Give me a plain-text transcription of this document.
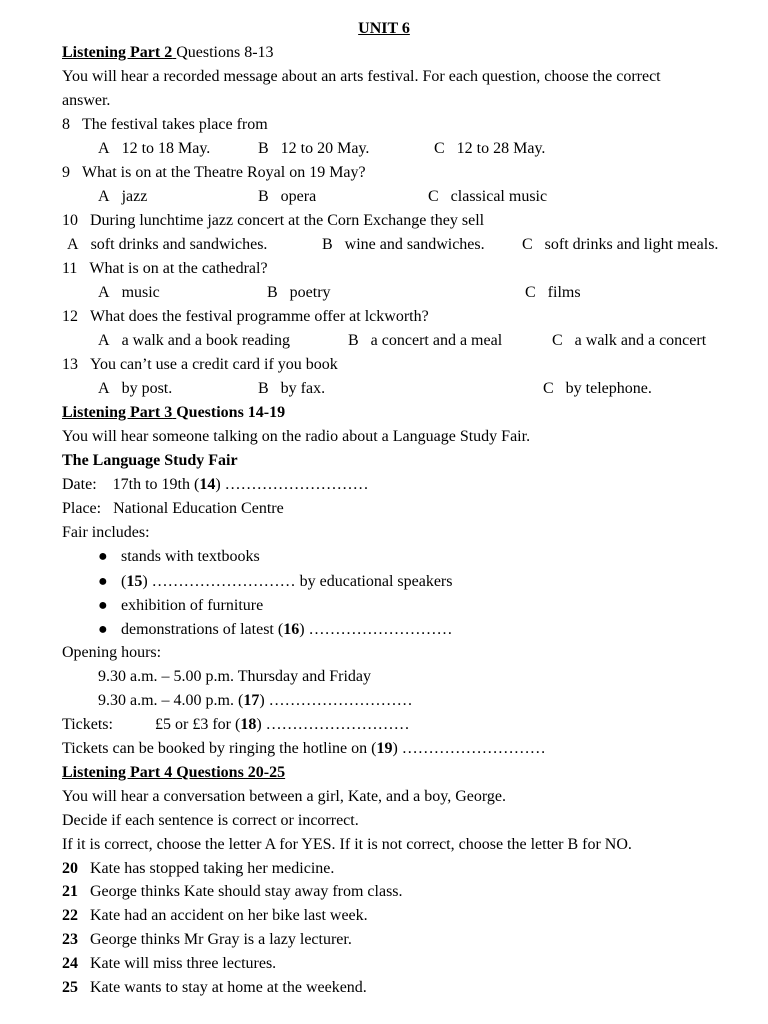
UNIT 6
Listening Part 2 Questions 8-13
You will hear a recorded message about an arts festival. For each question, choose the correct
answer.
8 The festival takes place from
A 12 to 18 May.	B 12 to 20 May.	C 12 to 28 May.
9 What is on at the Theatre Royal on 19 May?
A jazz	B opera	C classical music
10 During lunchtime jazz concert at the Corn Exchange they sell
A soft drinks and sandwiches.	B wine and sandwiches. C soft drinks and light meals.
11 What is on at the cathedral?
A music	B poetry	C films
12 What does the festival programme offer at lckworth?
A a walk and a book reading	B a concert and a meal	C a walk and a concert
13 You can’t use a credit card if you book
A by post.	B by fax.	C by telephone.
Listening Part 3 Questions 14-19
You will hear someone talking on the radio about a Language Study Fair.
The Language Study Fair
Date: 17th to 19th (14) ………………………
Place: National Education Centre
Fair includes:
● stands with textbooks
● (15) ……………………… by educational speakers
● exhibition of furniture
● demonstrations of latest (16) ………………………
Opening hours:
9.30 a.m. – 5.00 p.m. Thursday and Friday
9.30 a.m. – 4.00 p.m. (17) ………………………
Tickets:	£5 or £3 for (18) ………………………
Tickets can be booked by ringing the hotline on (19) ………………………
Listening Part 4 Questions 20-25
You will hear a conversation between a girl, Kate, and a boy, George.
Decide if each sentence is correct or incorrect.
If it is correct, choose the letter A for YES. If it is not correct, choose the letter B for NO.
20 Kate has stopped taking her medicine.
21 George thinks Kate should stay away from class.
22 Kate had an accident on her bike last week.
23 George thinks Mr Gray is a lazy lecturer.
24 Kate will miss three lectures.
25 Kate wants to stay at home at the weekend.
